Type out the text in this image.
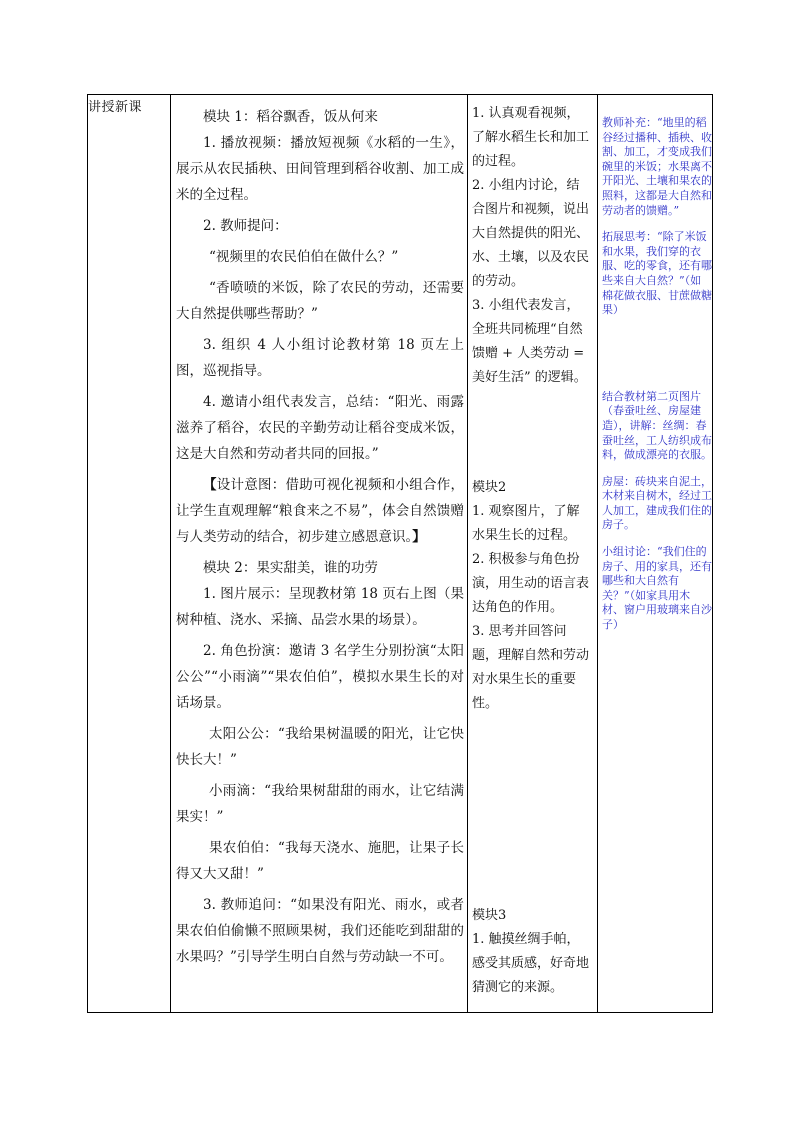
讲授新课

模块 1：稻谷飘香，饭从何来

1. 播放视频：播放短视频《水稻的一生》，展示从农民插秧、田间管理到稻谷收割、加工成米的全过程。

2. 教师提问：

“视频里的农民伯伯在做什么？”

“香喷喷的米饭，除了农民的劳动，还需要大自然提供哪些帮助？”

3. 组织 4 人小组讨论教材第 18 页左上图，巡视指导。

4. 邀请小组代表发言，总结：“阳光、雨露滋养了稻谷，农民的辛勤劳动让稻谷变成米饭，这是大自然和劳动者共同的回报。”

【设计意图：借助可视化视频和小组合作，让学生直观理解“粮食来之不易”，体会自然馈赠与人类劳动的结合，初步建立感恩意识。】

模块 2：果实甜美，谁的功劳

1. 图片展示：呈现教材第 18 页右上图（果树种植、浇水、采摘、品尝水果的场景）。

2. 角色扮演：邀请 3 名学生分别扮演“太阳公公”“小雨滴”“果农伯伯”，模拟水果生长的对话场景。

太阳公公：“我给果树温暖的阳光，让它快快长大！”

小雨滴：“我给果树甜甜的雨水，让它结满果实！”

果农伯伯：“我每天浇水、施肥，让果子长得又大又甜！”

3. 教师追问：“如果没有阳光、雨水，或者果农伯伯偷懒不照顾果树，我们还能吃到甜甜的水果吗？”引导学生明白自然与劳动缺一不可。

1. 认真观看视频，了解水稻生长和加工的过程。

2. 小组内讨论，结合图片和视频，说出大自然提供的阳光、水、土壤，以及农民的劳动。

3. 小组代表发言，全班共同梳理“自然馈赠 + 人类劳动 = 美好生活” 的逻辑。

模块2

1. 观察图片，了解水果生长的过程。

2. 积极参与角色扮演，用生动的语言表达角色的作用。

3. 思考并回答问题，理解自然和劳动对水果生长的重要性。

模块3

1. 触摸丝绸手帕，感受其质感，好奇地猜测它的来源。

教师补充：“地里的稻谷经过播种、插秧、收割、加工，才变成我们碗里的米饭；水果离不开阳光、土壤和果农的照料，这都是大自然和劳动者的馈赠。”

拓展思考：“除了米饭和水果，我们穿的衣服、吃的零食，还有哪些来自大自然？”（如棉花做衣服、甘蔗做糖果）

结合教材第二页图片（春蚕吐丝、房屋建造），讲解：丝绸：春蚕吐丝，工人纺织成布料，做成漂亮的衣服。

房屋：砖块来自泥土，木材来自树木，经过工人加工，建成我们住的房子。

小组讨论：“我们住的房子、用的家具，还有哪些和大自然有关？”（如家具用木材、窗户用玻璃来自沙子）
